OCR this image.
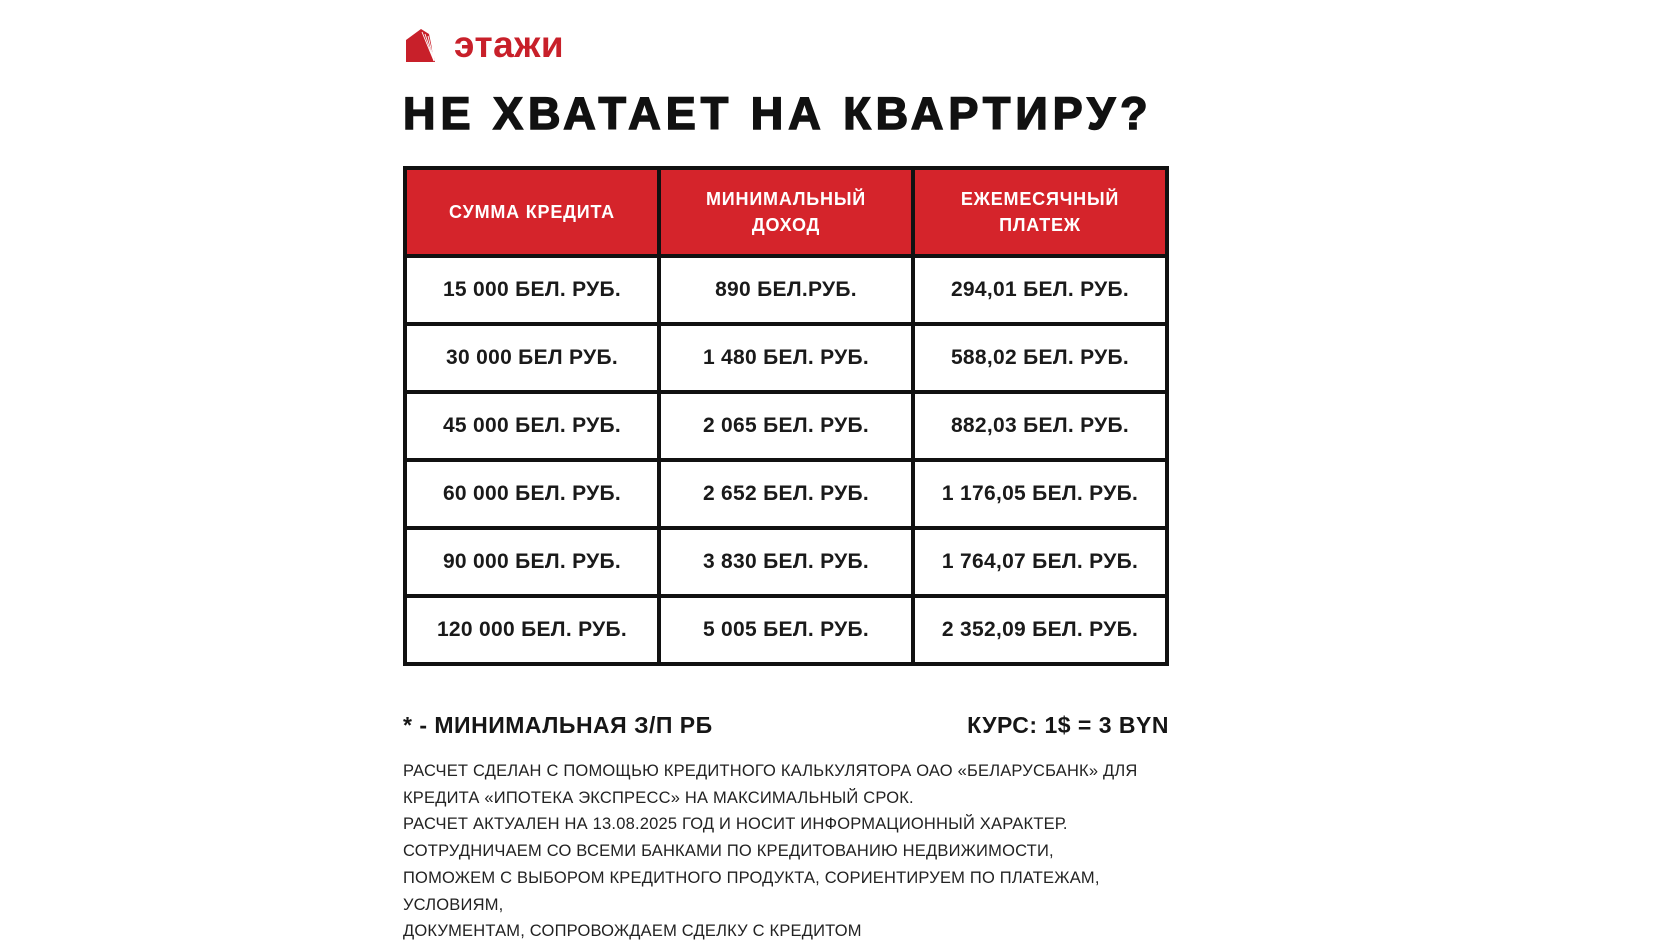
этажи
НЕ ХВАТАЕТ НА КВАРТИРУ?
СУММА КРЕДИТА	МИНИМАЛЬНЫЙ ДОХОД	ЕЖЕМЕСЯЧНЫЙ ПЛАТЕЖ
15 000 БЕЛ. РУБ.	890 БЕЛ.РУБ.	294,01 БЕЛ. РУБ.
30 000 БЕЛ РУБ.	1 480 БЕЛ. РУБ.	588,02 БЕЛ. РУБ.
45 000 БЕЛ. РУБ.	2 065 БЕЛ. РУБ.	882,03 БЕЛ. РУБ.
60 000 БЕЛ. РУБ.	2 652 БЕЛ. РУБ.	1 176,05 БЕЛ. РУБ.
90 000 БЕЛ. РУБ.	3 830 БЕЛ. РУБ.	1 764,07 БЕЛ. РУБ.
120 000 БЕЛ. РУБ.	5 005 БЕЛ. РУБ.	2 352,09 БЕЛ. РУБ.
* - МИНИМАЛЬНАЯ З/П РБ	КУРС: 1$ = 3 BYN
РАСЧЕТ СДЕЛАН С ПОМОЩЬЮ КРЕДИТНОГО КАЛЬКУЛЯТОРА ОАО «БЕЛАРУСБАНК» ДЛЯ
КРЕДИТА «ИПОТЕКА ЭКСПРЕСС» НА МАКСИМАЛЬНЫЙ СРОК.
РАСЧЕТ АКТУАЛЕН НА 13.08.2025 ГОД И НОСИТ ИНФОРМАЦИОННЫЙ ХАРАКТЕР.
СОТРУДНИЧАЕМ СО ВСЕМИ БАНКАМИ ПО КРЕДИТОВАНИЮ НЕДВИЖИМОСТИ,
ПОМОЖЕМ С ВЫБОРОМ КРЕДИТНОГО ПРОДУКТА, СОРИЕНТИРУЕМ ПО ПЛАТЕЖАМ,
УСЛОВИЯМ,
ДОКУМЕНТАМ, СОПРОВОЖДАЕМ СДЕЛКУ С КРЕДИТОМ
